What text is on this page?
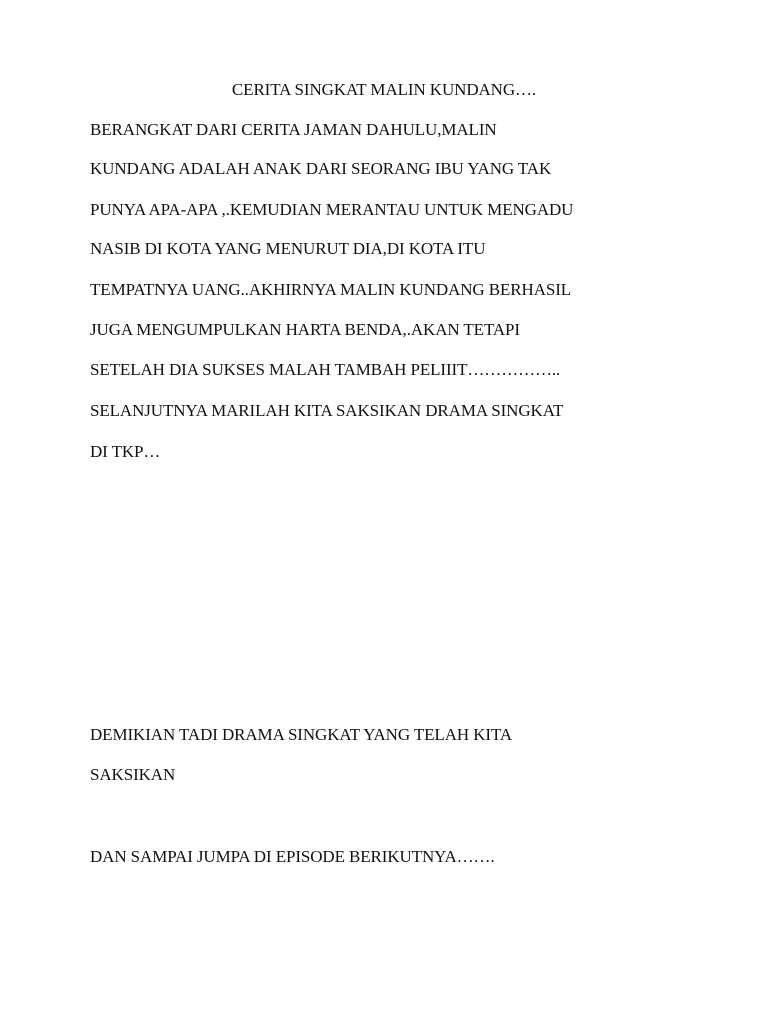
CERITA SINGKAT MALIN KUNDANG….
BERANGKAT DARI CERITA JAMAN DAHULU,MALIN
KUNDANG ADALAH ANAK DARI SEORANG IBU YANG TAK
PUNYA APA-APA ,.KEMUDIAN MERANTAU UNTUK MENGADU
NASIB DI KOTA YANG MENURUT DIA,DI KOTA ITU
TEMPATNYA UANG..AKHIRNYA MALIN KUNDANG BERHASIL
JUGA MENGUMPULKAN HARTA BENDA,.AKAN TETAPI
SETELAH DIA SUKSES MALAH TAMBAH PELIIIT……………..
SELANJUTNYA MARILAH KITA SAKSIKAN DRAMA SINGKAT
DI TKP…
DEMIKIAN TADI DRAMA SINGKAT YANG TELAH KITA
SAKSIKAN
DAN SAMPAI JUMPA DI EPISODE BERIKUTNYA…….
